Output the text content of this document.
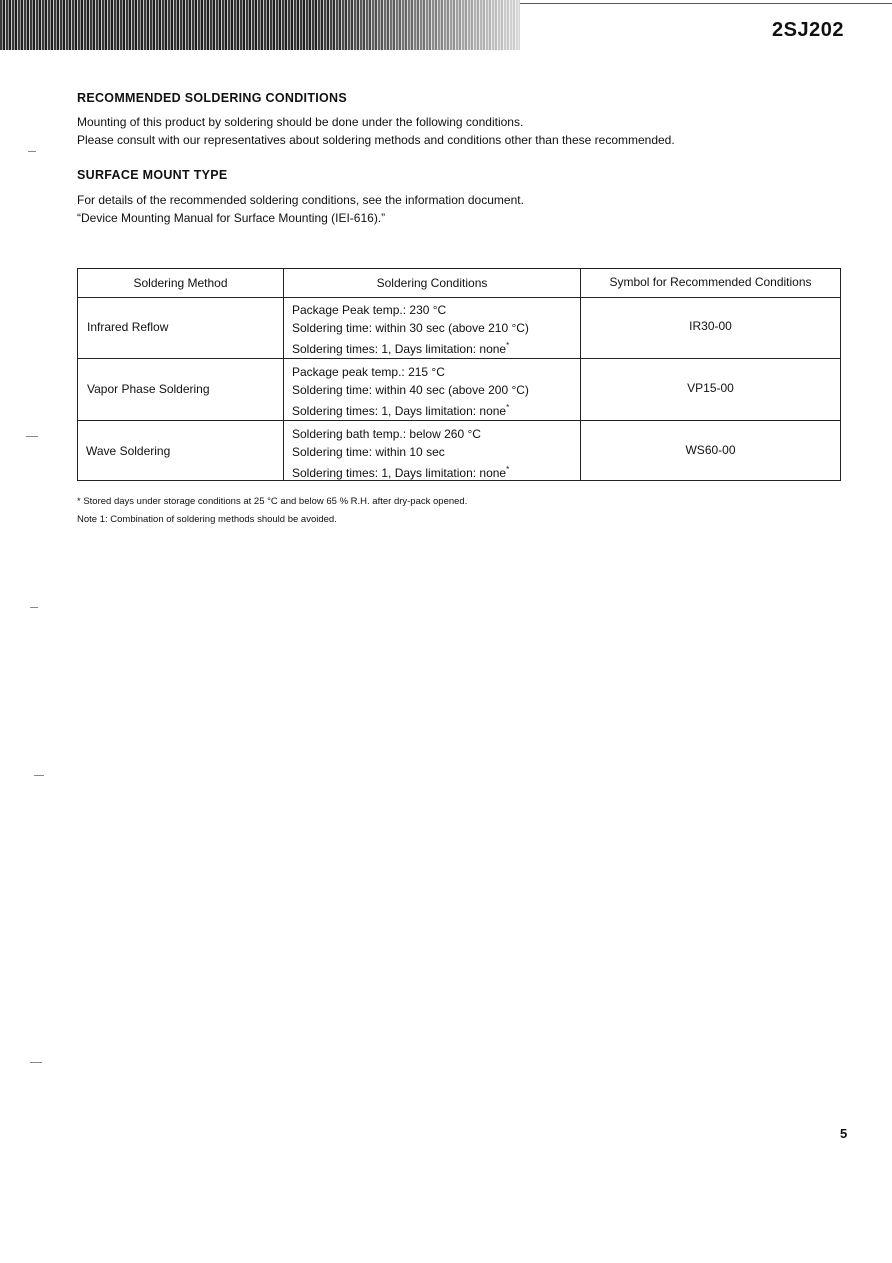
2SJ202
RECOMMENDED SOLDERING CONDITIONS
Mounting of this product by soldering should be done under the following conditions.
Please consult with our representatives about soldering methods and conditions other than these recommended.
SURFACE MOUNT TYPE
For details of the recommended soldering conditions, see the information document.
“Device Mounting Manual for Surface Mounting (IEI-616).”
Soldering Method	Soldering Conditions	Symbol for Recommended Conditions
Infrared Reflow
Package Peak temp.: 230 °C
Soldering time: within 30 sec (above 210 °C)
Soldering times: 1, Days limitation: none*
IR30-00
Vapor Phase Soldering
Package peak temp.: 215 °C
Soldering time: within 40 sec (above 200 °C)
Soldering times: 1, Days limitation: none*
VP15-00
Wave Soldering
Soldering bath temp.: below 260 °C
Soldering time: within 10 sec
Soldering times: 1, Days limitation: none*
WS60-00
* Stored days under storage conditions at 25 °C and below 65 % R.H. after dry-pack opened.
Note 1: Combination of soldering methods should be avoided.
5
